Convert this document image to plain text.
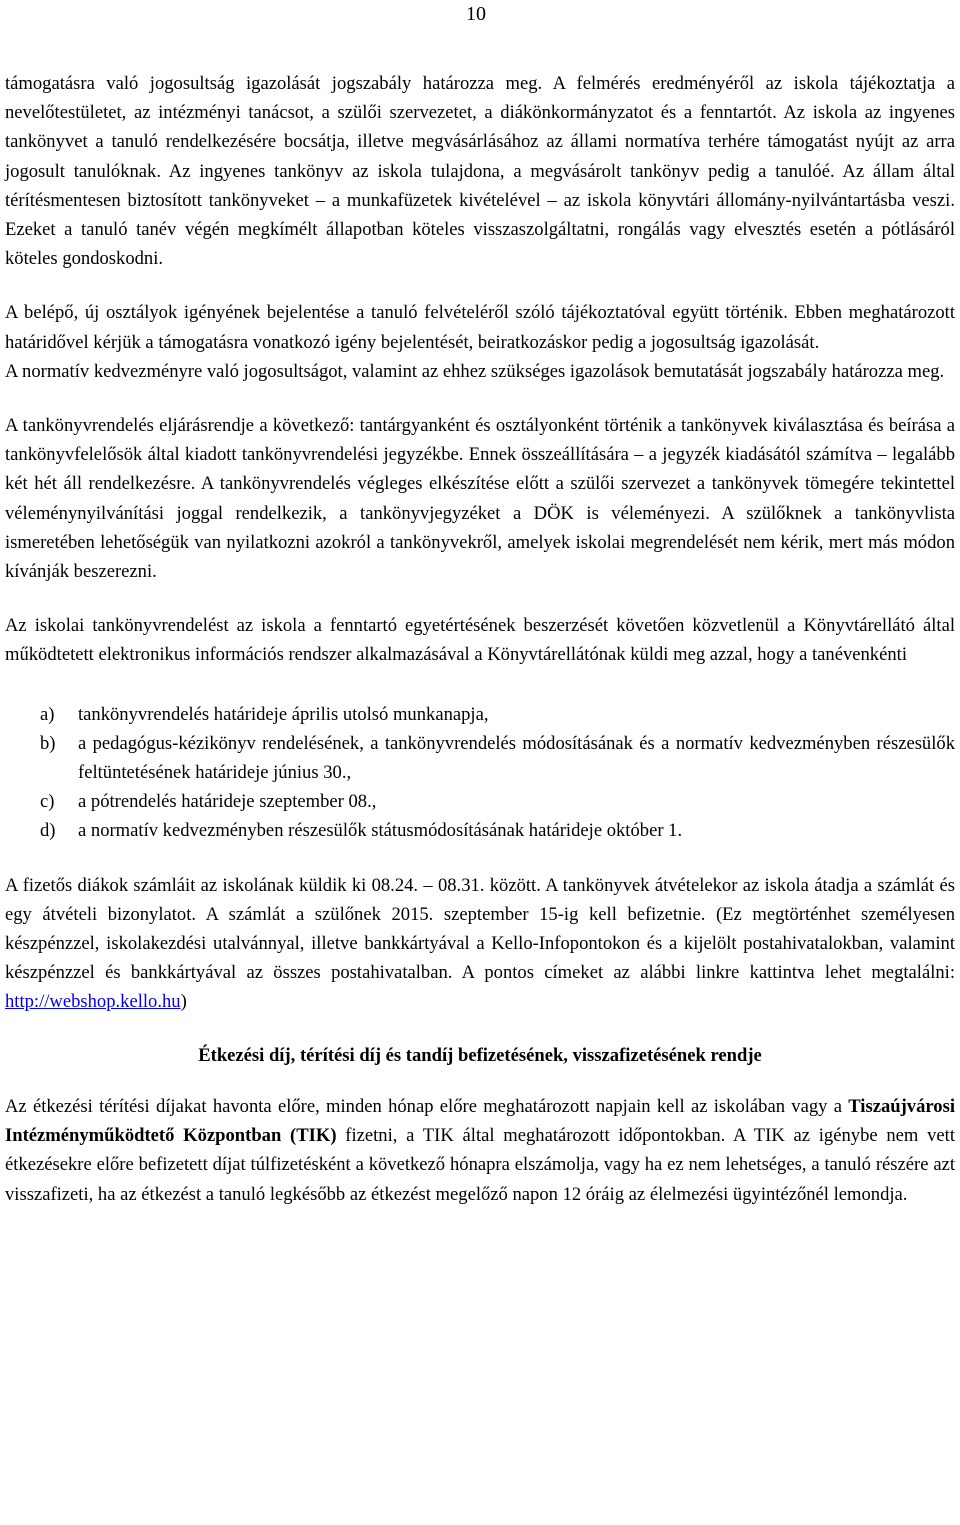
10

támogatásra való jogosultság igazolását jogszabály határozza meg. A felmérés eredményéről az iskola tájékoztatja a nevelőtestületet, az intézményi tanácsot, a szülői szervezetet, a diákönkormányzatot és a fenntartót. Az iskola az ingyenes tankönyvet a tanuló rendelkezésére bocsátja, illetve megvásárlásához az állami normatíva terhére támogatást nyújt az arra jogosult tanulóknak. Az ingyenes tankönyv az iskola tulajdona, a megvásárolt tankönyv pedig a tanulóé. Az állam által térítésmentesen biztosított tankönyveket – a munkafüzetek kivételével – az iskola könyvtári állomány-nyilvántartásba veszi. Ezeket a tanuló tanév végén megkímélt állapotban köteles visszaszolgáltatni, rongálás vagy elvesztés esetén a pótlásáról köteles gondoskodni.

A belépő, új osztályok igényének bejelentése a tanuló felvételéről szóló tájékoztatóval együtt történik. Ebben meghatározott határidővel kérjük a támogatásra vonatkozó igény bejelentését, beiratkozáskor pedig a jogosultság igazolását.

A normatív kedvezményre való jogosultságot, valamint az ehhez szükséges igazolások bemutatását jogszabály határozza meg.

A tankönyvrendelés eljárásrendje a következő: tantárgyanként és osztályonként történik a tankönyvek kiválasztása és beírása a tankönyvfelelősök által kiadott tankönyvrendelési jegyzékbe. Ennek összeállítására – a jegyzék kiadásától számítva – legalább két hét áll rendelkezésre. A tankönyvrendelés végleges elkészítése előtt a szülői szervezet a tankönyvek tömegére tekintettel véleménynyilvánítási joggal rendelkezik, a tankönyvjegyzéket a DÖK is véleményezi. A szülőknek a tankönyvlista ismeretében lehetőségük van nyilatkozni azokról a tankönyvekről, amelyek iskolai megrendelését nem kérik, mert más módon kívánják beszerezni.

Az iskolai tankönyvrendelést az iskola a fenntartó egyetértésének beszerzését követően közvetlenül a Könyvtárellátó által működtetett elektronikus információs rendszer alkalmazásával a Könyvtárellátónak küldi meg azzal, hogy a tanévenkénti

a) tankönyvrendelés határideje április utolsó munkanapja,
b) a pedagógus-kézikönyv rendelésének, a tankönyvrendelés módosításának és a normatív kedvezményben részesülők feltüntetésének határideje június 30.,
c) a pótrendelés határideje szeptember 08.,
d) a normatív kedvezményben részesülők státusmódosításának határideje október 1.

A fizetős diákok számláit az iskolának küldik ki 08.24. – 08.31. között. A tankönyvek átvételekor az iskola átadja a számlát és egy átvételi bizonylatot. A számlát a szülőnek 2015. szeptember 15-ig kell befizetnie. (Ez megtörténhet személyesen készpénzzel, iskolakezdési utalvánnyal, illetve bankkártyával a Kello-Infopontokon és a kijelölt postahivatalokban, valamint készpénzzel és bankkártyával az összes postahivatalban. A pontos címeket az alábbi linkre kattintva lehet megtalálni: http://webshop.kello.hu)

Étkezési díj, térítési díj és tandíj befizetésének, visszafizetésének rendje

Az étkezési térítési díjakat havonta előre, minden hónap előre meghatározott napjain kell az iskolában vagy a Tiszaújvárosi Intézményműködtető Központban (TIK) fizetni, a TIK által meghatározott időpontokban. A TIK az igénybe nem vett étkezésekre előre befizetett díjat túlfizetésként a következő hónapra elszámolja, vagy ha ez nem lehetséges, a tanuló részére azt visszafizeti, ha az étkezést a tanuló legkésőbb az étkezést megelőző napon 12 óráig az élelmezési ügyintézőnél lemondja.
